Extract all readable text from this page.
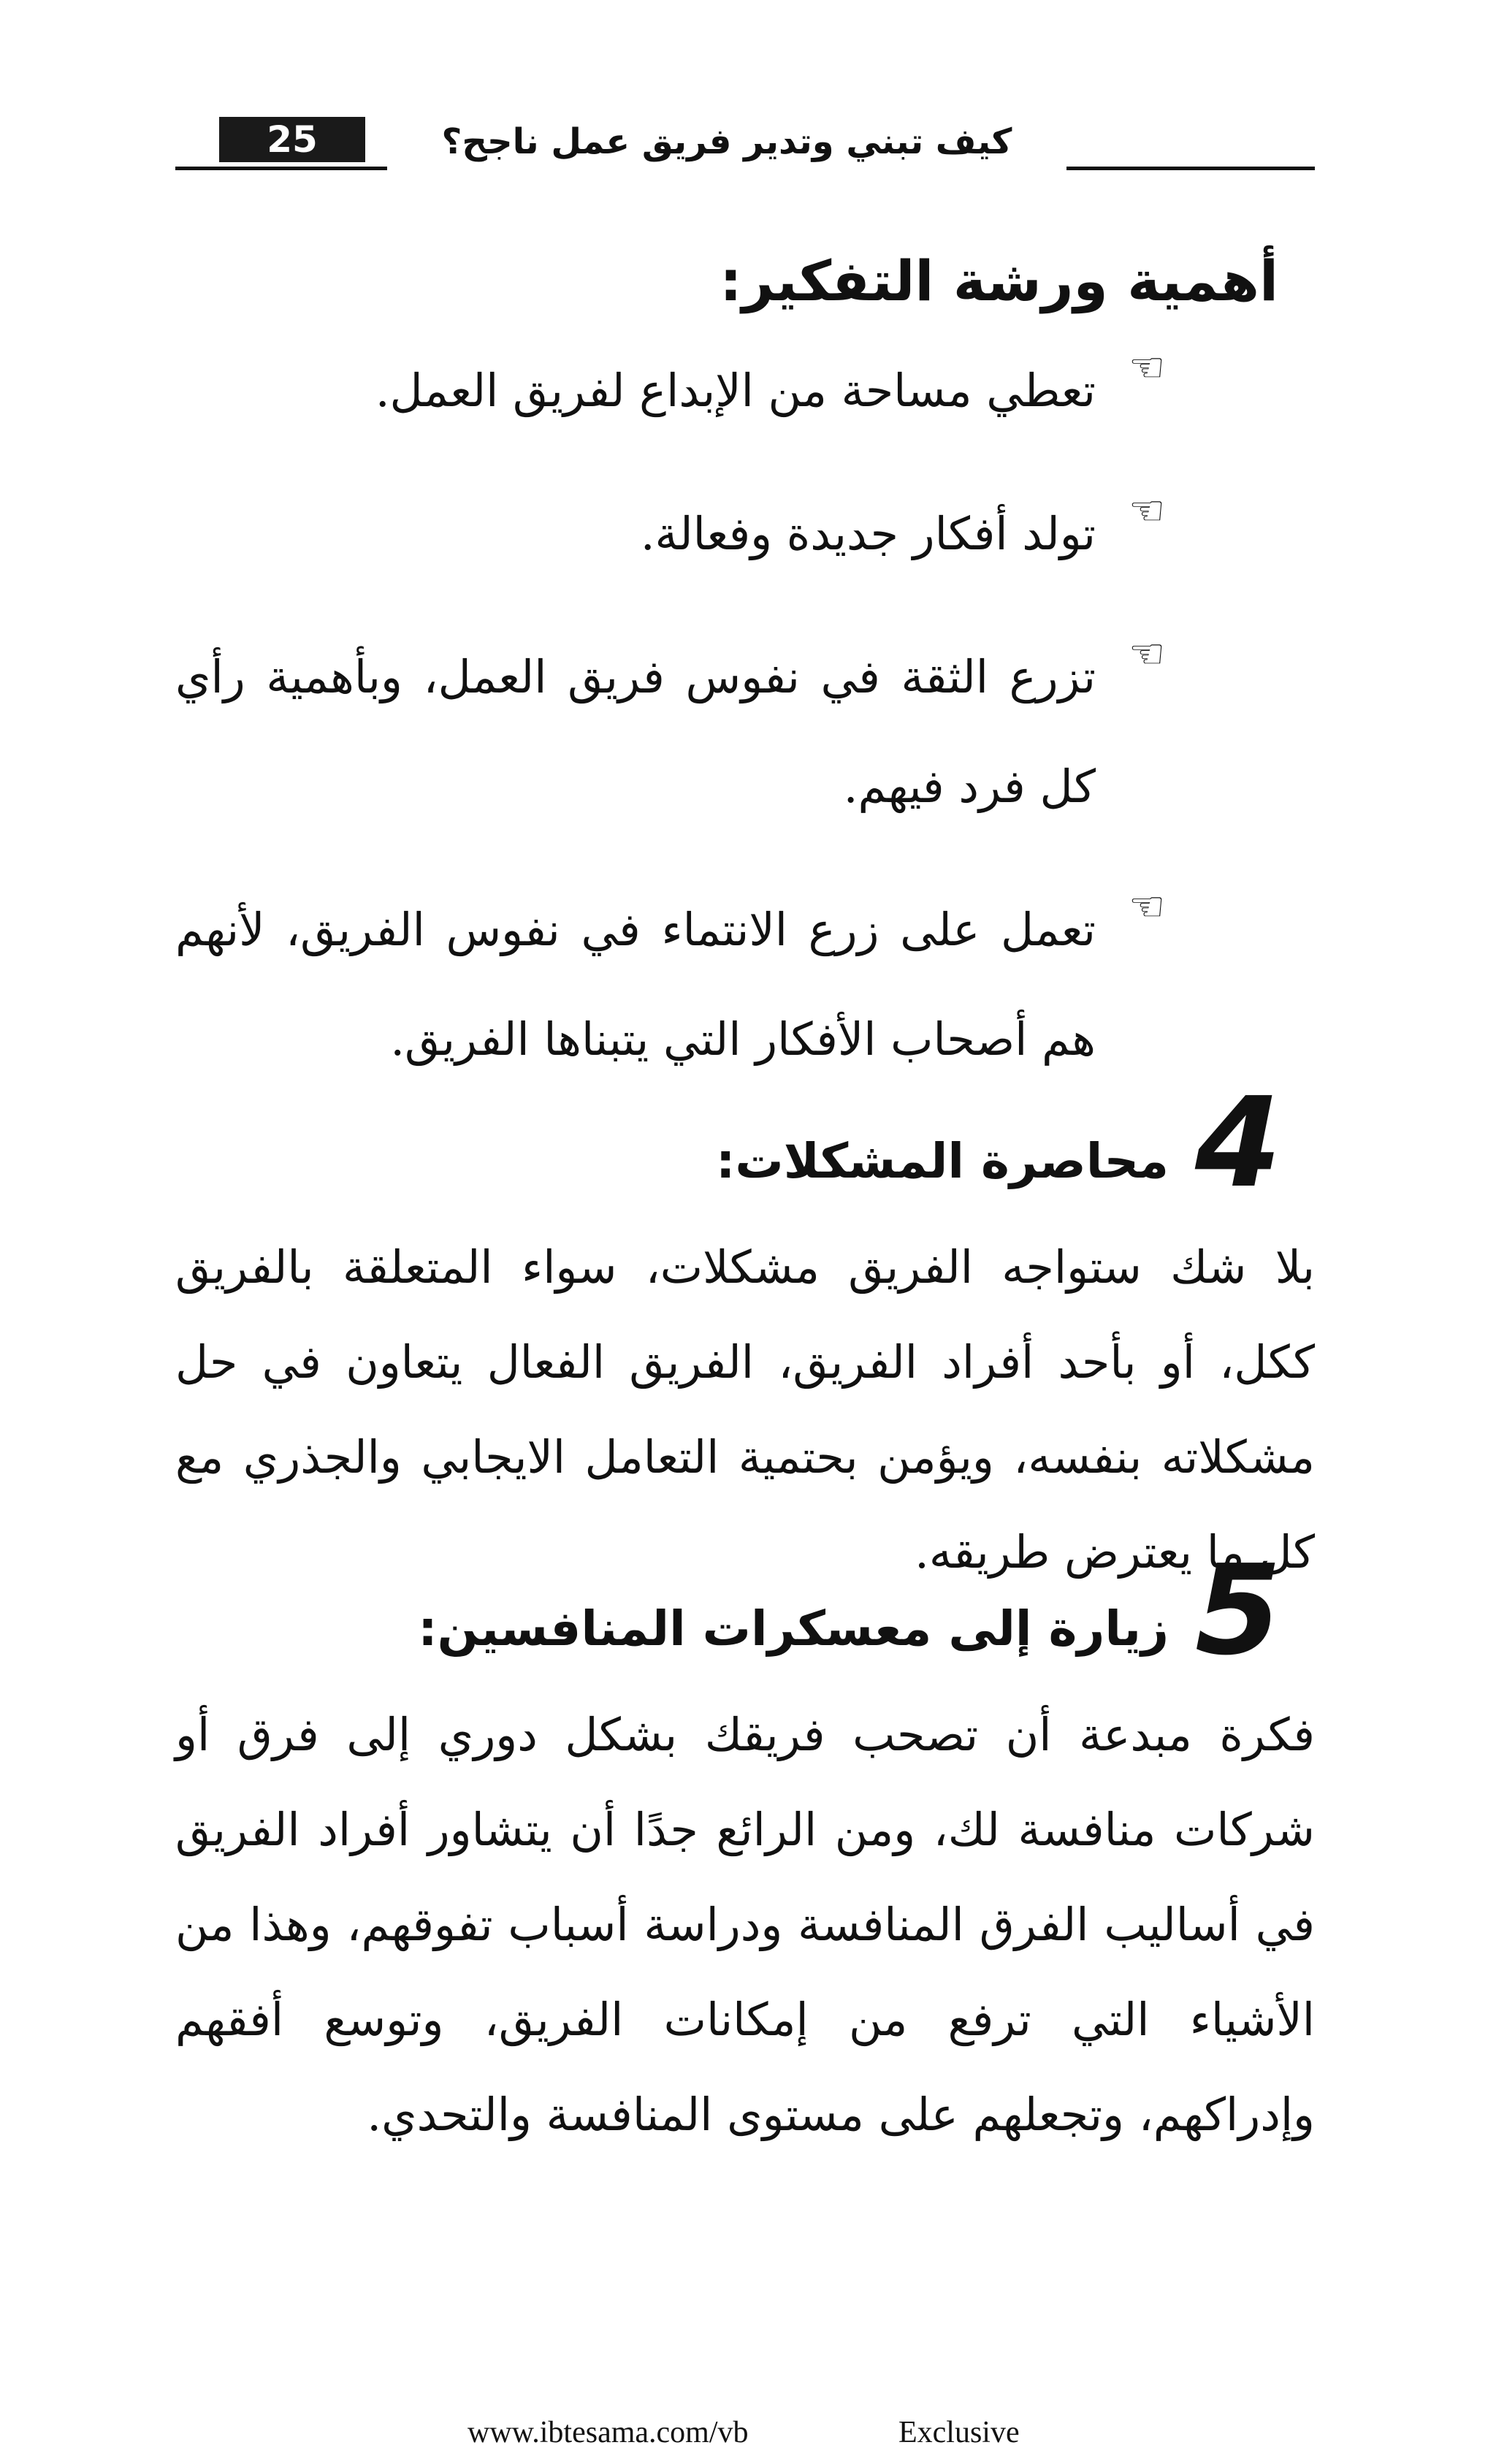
25	كيف تبني وتدير فريق عمل ناجح؟
أهمية ورشة التفكير:
☜
تعطي مساحة من الإبداع لفريق العمل.
☜
تولد أفكار جديدة وفعالة.
☜
تزرع الثقة في نفوس فريق العمل، وبأهمية رأي كل فرد فيهم.
☜
تعمل على زرع الانتماء في نفوس الفريق، لأنهم هم أصحاب الأفكار التي يتبناها الفريق.
4
محاصرة المشكلات:
بلا شك ستواجه الفريق مشكلات، سواء المتعلقة بالفريق ككل، أو بأحد أفراد الفريق، الفريق الفعال يتعاون في حل مشكلاته بنفسه، ويؤمن بحتمية التعامل الايجابي والجذري مع كل ما يعترض طريقه.
5
زيارة إلى معسكرات المنافسين:
فكرة مبدعة أن تصحب فريقك بشكل دوري إلى فرق أو شركات منافسة لك، ومن الرائع جدًا أن يتشاور أفراد الفريق في أساليب الفرق المنافسة ودراسة أسباب تفوقهم، وهذا من الأشياء التي ترفع من إمكانات الفريق، وتوسع أفقهم وإدراكهم، وتجعلهم على مستوى المنافسة والتحدي.
www.ibtesama.com/vb	Exclusive
